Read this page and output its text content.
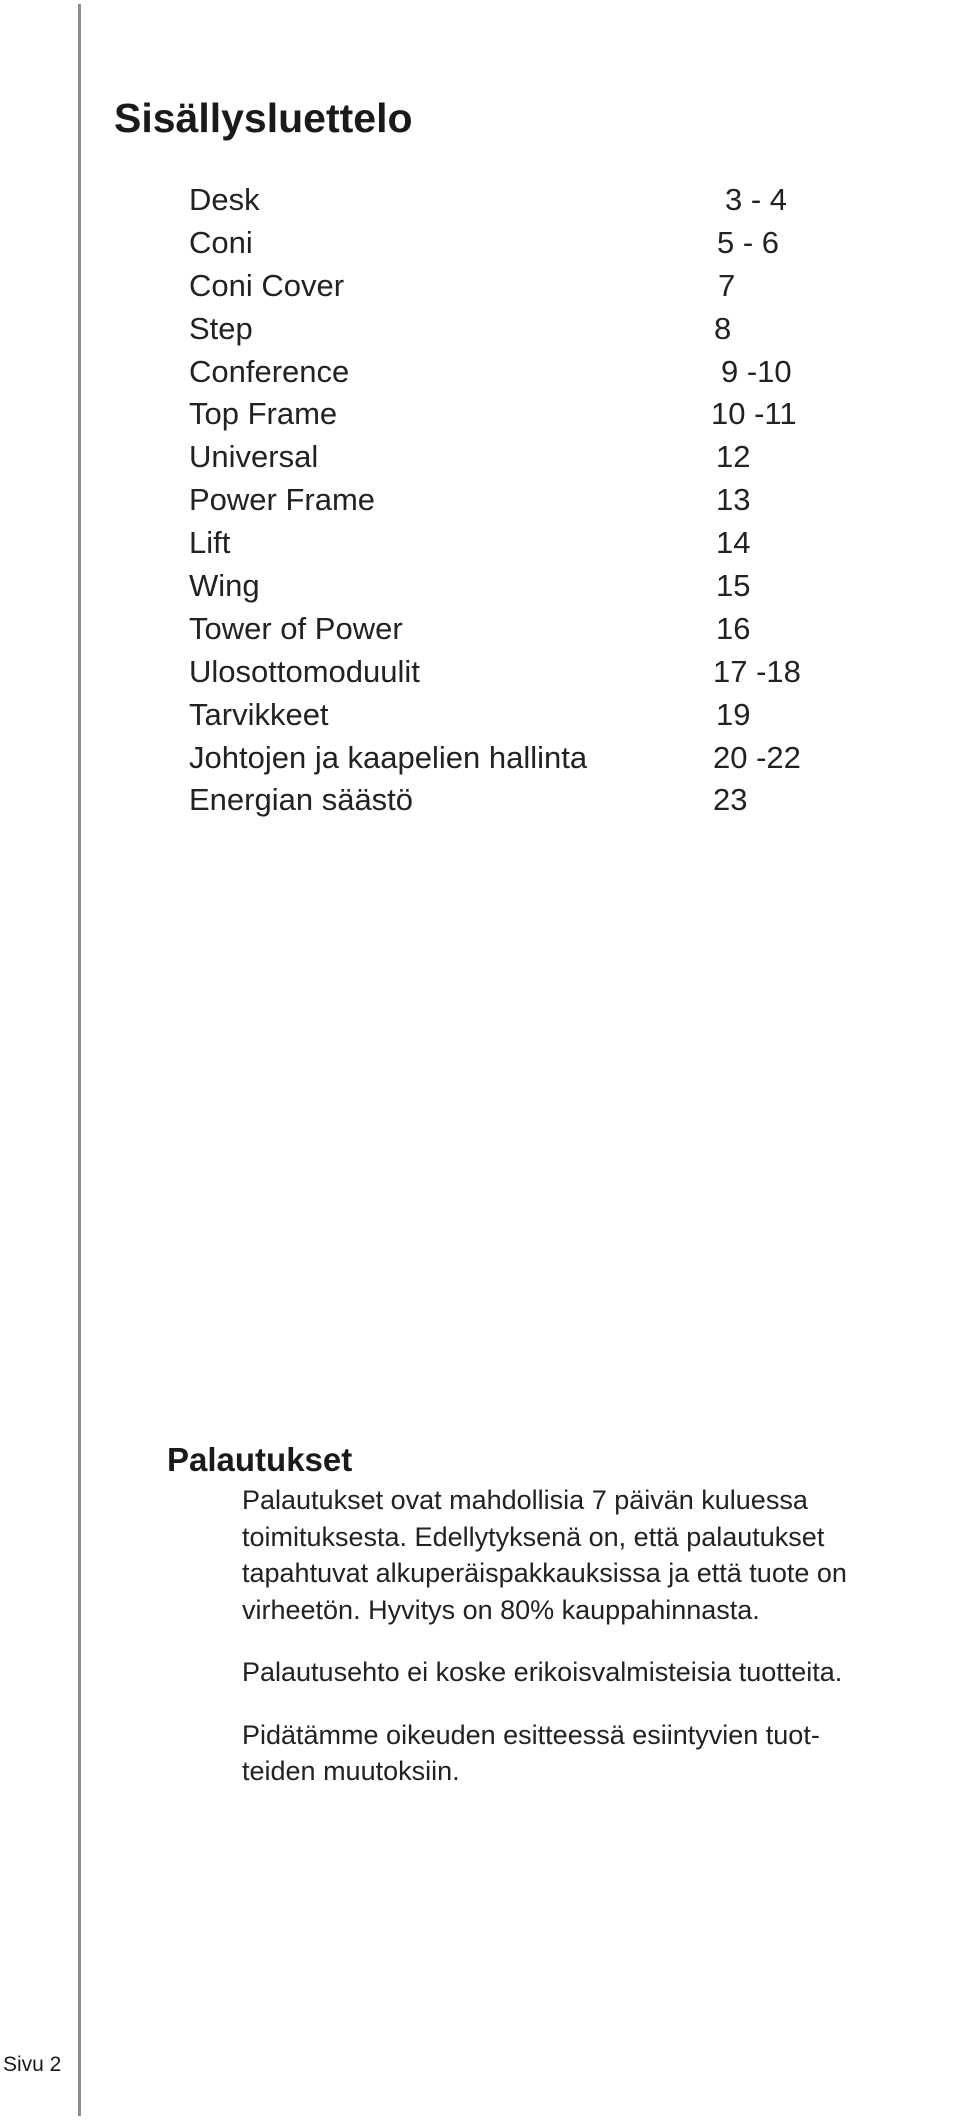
Sisällysluettelo
Desk	3 - 4
Coni	5 - 6
Coni Cover	7
Step	8
Conference	9 -10
Top Frame	10 -11
Universal	12
Power Frame	13
Lift	14
Wing	15
Tower of Power	16
Ulosottomoduulit	17 -18
Tarvikkeet	19
Johtojen ja kaapelien hallinta	20 -22
Energian säästö	23
Palautukset

Palautukset ovat mahdollisia 7 päivän kuluessa
toimituksesta. Edellytyksenä on, että palautukset
tapahtuvat alkuperäispakkauksissa ja että tuote on
virheetön. Hyvitys on 80% kauppahinnasta.

Palautusehto ei koske erikoisvalmisteisia tuotteita.

Pidätämme oikeuden esitteessä esiintyvien tuot-
teiden muutoksiin.

Sivu 2
